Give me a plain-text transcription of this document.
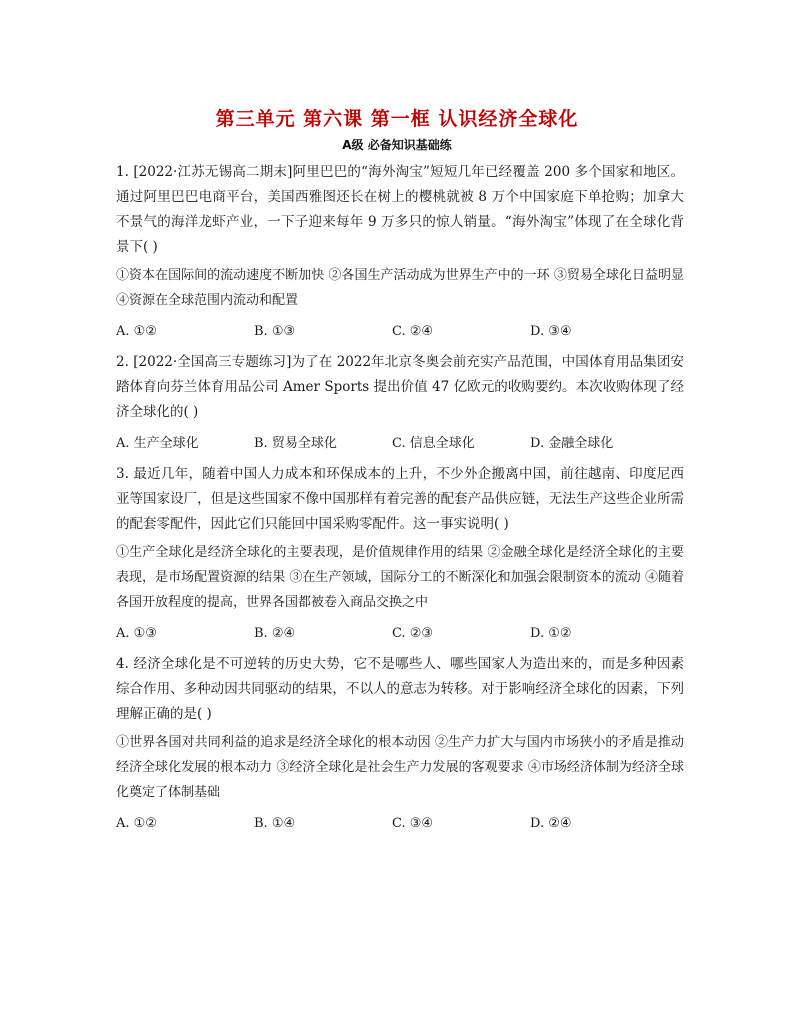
第三单元 第六课 第一框 认识经济全球化
A级 必备知识基础练

1. [2022·江苏无锡高二期末]阿里巴巴的“海外淘宝”短短几年已经覆盖 200 多个国家和地区。通过阿里巴巴电商平台，美国西雅图还长在树上的樱桃就被 8 万个中国家庭下单抢购；加拿大不景气的海洋龙虾产业，一下子迎来每年 9 万多只的惊人销量。“海外淘宝”体现了在全球化背景下( )

①资本在国际间的流动速度不断加快 ②各国生产活动成为世界生产中的一环 ③贸易全球化日益明显 ④资源在全球范围内流动和配置

A. ①②	B. ①③	C. ②④	D. ③④

2. [2022·全国高三专题练习]为了在 2022年北京冬奥会前充实产品范围，中国体育用品集团安踏体育向芬兰体育用品公司 Amer Sports 提出价值 47 亿欧元的收购要约。本次收购体现了经济全球化的( )

A. 生产全球化	B. 贸易全球化	C. 信息全球化	D. 金融全球化

3. 最近几年，随着中国人力成本和环保成本的上升，不少外企搬离中国，前往越南、印度尼西亚等国家设厂，但是这些国家不像中国那样有着完善的配套产品供应链，无法生产这些企业所需的配套零配件，因此它们只能回中国采购零配件。这一事实说明( )

①生产全球化是经济全球化的主要表现，是价值规律作用的结果 ②金融全球化是经济全球化的主要表现，是市场配置资源的结果 ③在生产领域，国际分工的不断深化和加强会限制资本的流动 ④随着各国开放程度的提高，世界各国都被卷入商品交换之中

A. ①③	B. ②④	C. ②③	D. ①②

4. 经济全球化是不可逆转的历史大势，它不是哪些人、哪些国家人为造出来的，而是多种因素综合作用、多种动因共同驱动的结果，不以人的意志为转移。对于影响经济全球化的因素，下列理解正确的是( )

①世界各国对共同利益的追求是经济全球化的根本动因 ②生产力扩大与国内市场狭小的矛盾是推动经济全球化发展的根本动力 ③经济全球化是社会生产力发展的客观要求 ④市场经济体制为经济全球化奠定了体制基础

A. ①②	B. ①④	C. ③④	D. ②④
